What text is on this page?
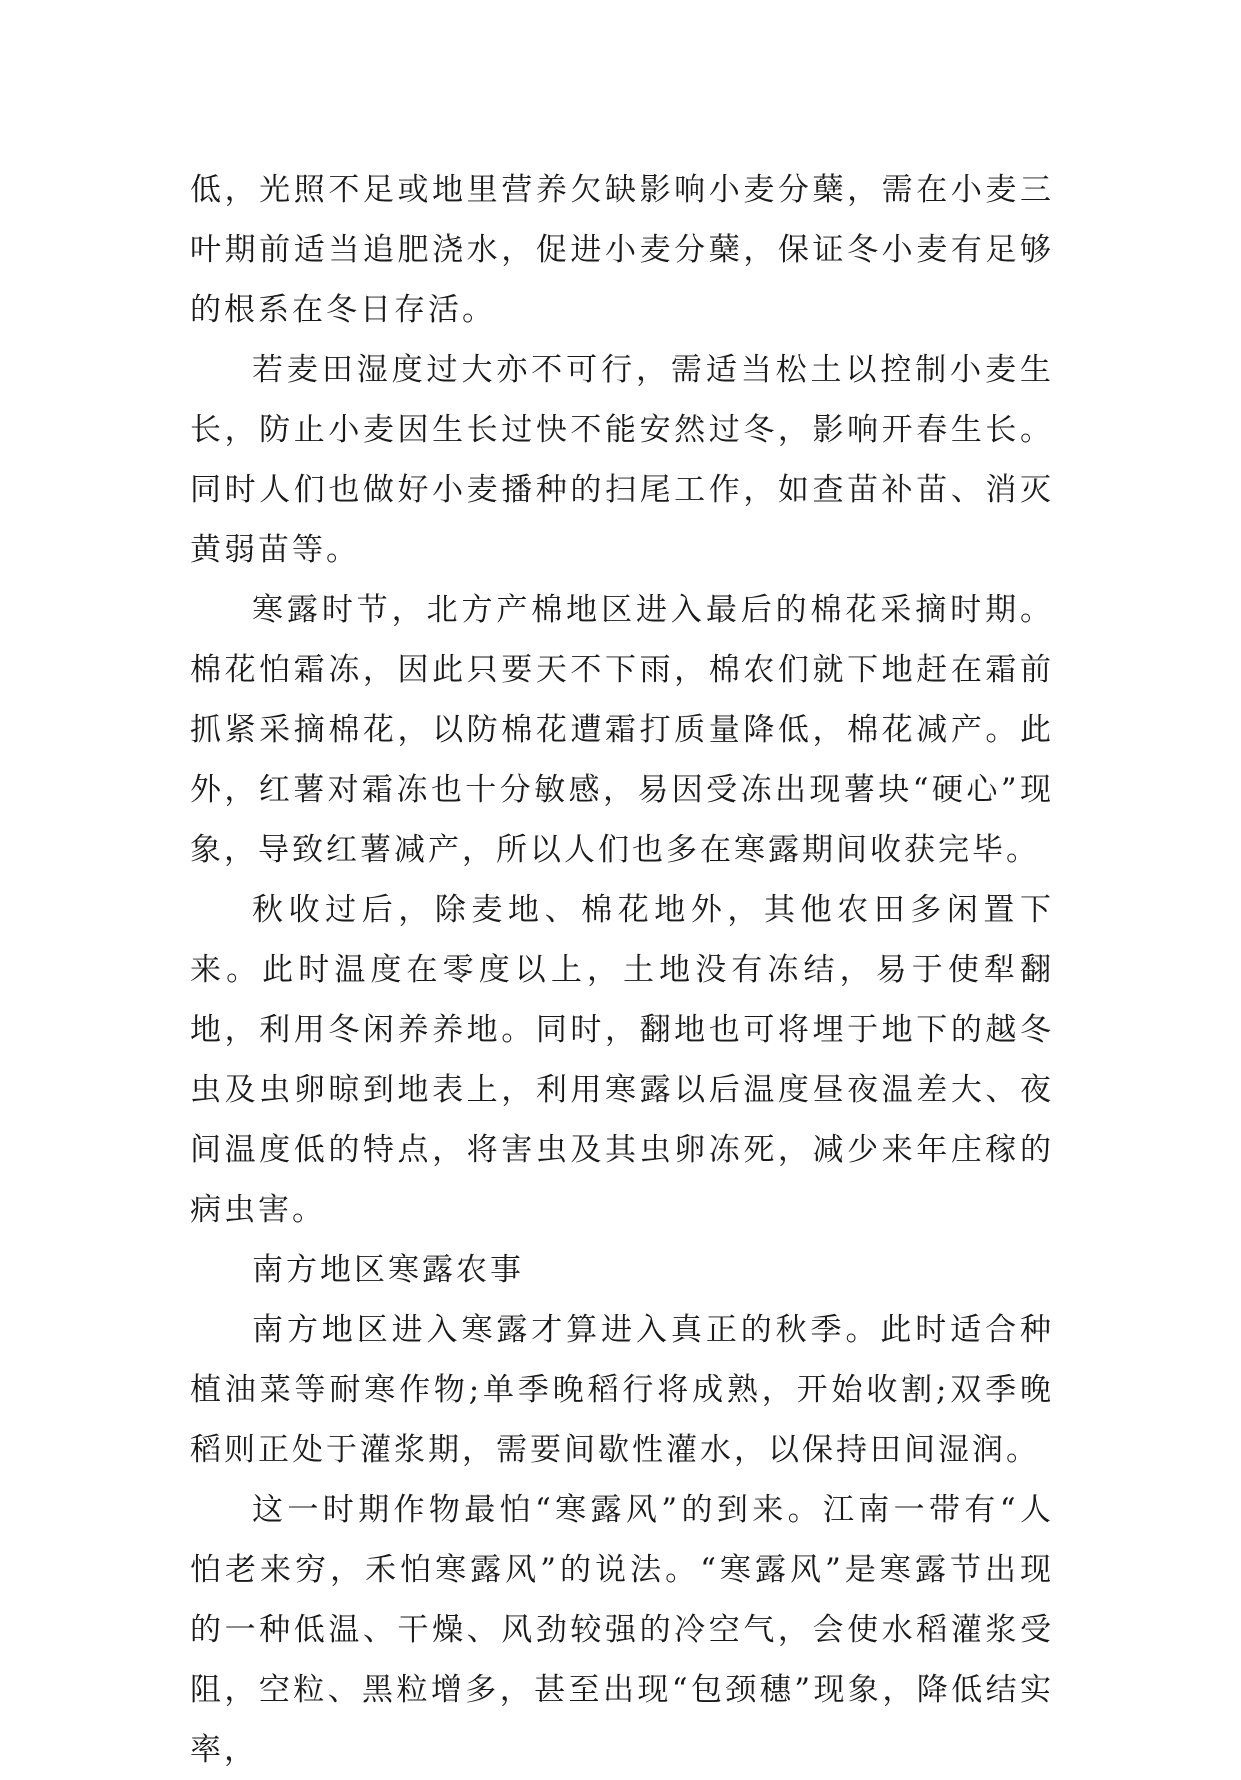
低，光照不足或地里营养欠缺影响小麦分蘖，需在小麦三叶期前适当追肥浇水，促进小麦分蘖，保证冬小麦有足够的根系在冬日存活。

若麦田湿度过大亦不可行，需适当松土以控制小麦生长，防止小麦因生长过快不能安然过冬，影响开春生长。同时人们也做好小麦播种的扫尾工作，如查苗补苗、消灭黄弱苗等。

寒露时节，北方产棉地区进入最后的棉花采摘时期。棉花怕霜冻，因此只要天不下雨，棉农们就下地赶在霜前抓紧采摘棉花，以防棉花遭霜打质量降低，棉花减产。此外，红薯对霜冻也十分敏感，易因受冻出现薯块“硬心”现象，导致红薯减产，所以人们也多在寒露期间收获完毕。

秋收过后，除麦地、棉花地外，其他农田多闲置下来。此时温度在零度以上，土地没有冻结，易于使犁翻地，利用冬闲养养地。同时，翻地也可将埋于地下的越冬虫及虫卵晾到地表上，利用寒露以后温度昼夜温差大、夜间温度低的特点，将害虫及其虫卵冻死，减少来年庄稼的病虫害。

南方地区寒露农事

南方地区进入寒露才算进入真正的秋季。此时适合种植油菜等耐寒作物;单季晚稻行将成熟，开始收割;双季晚稻则正处于灌浆期，需要间歇性灌水，以保持田间湿润。

这一时期作物最怕“寒露风”的到来。江南一带有“人怕老来穷，禾怕寒露风”的说法。“寒露风”是寒露节出现的一种低温、干燥、风劲较强的冷空气，会使水稻灌浆受阻，空粒、黑粒增多，甚至出现“包颈穗”现象，降低结实率，
